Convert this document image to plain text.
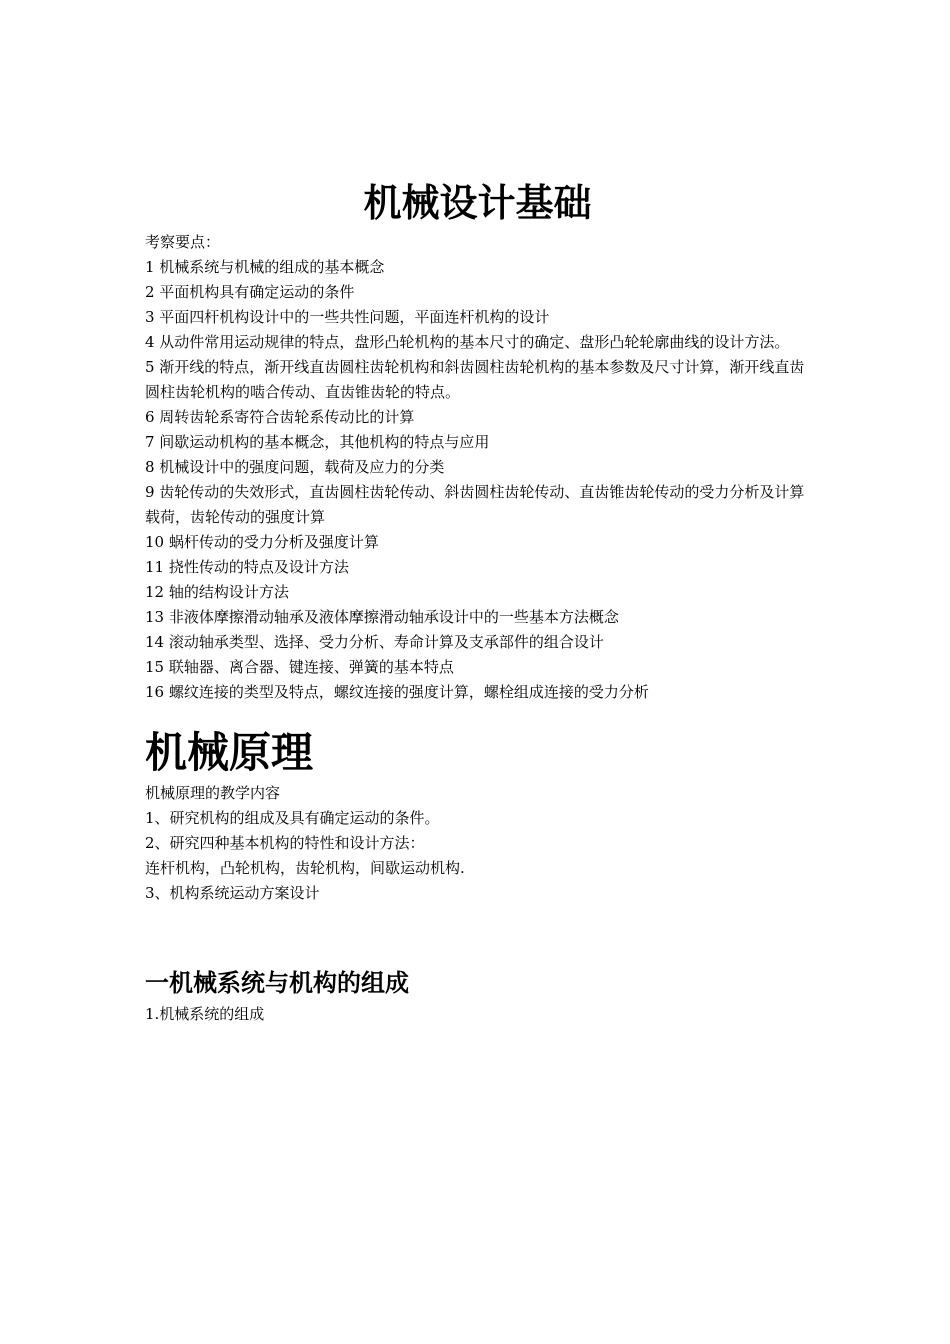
机械设计基础

考察要点：

1 机械系统与机械的组成的基本概念
2 平面机构具有确定运动的条件
3 平面四杆机构设计中的一些共性问题，平面连杆机构的设计
4 从动件常用运动规律的特点，盘形凸轮机构的基本尺寸的确定、盘形凸轮轮廓曲线的设计方法。
5 渐开线的特点，渐开线直齿圆柱齿轮机构和斜齿圆柱齿轮机构的基本参数及尺寸计算，渐开线直齿圆柱齿轮机构的啮合传动、直齿锥齿轮的特点。
6 周转齿轮系寄符合齿轮系传动比的计算
7 间歇运动机构的基本概念，其他机构的特点与应用
8 机械设计中的强度问题，载荷及应力的分类
9 齿轮传动的失效形式，直齿圆柱齿轮传动、斜齿圆柱齿轮传动、直齿锥齿轮传动的受力分析及计算载荷，齿轮传动的强度计算
10 蜗杆传动的受力分析及强度计算
11 挠性传动的特点及设计方法
12 轴的结构设计方法
13 非液体摩擦滑动轴承及液体摩擦滑动轴承设计中的一些基本方法概念
14 滚动轴承类型、选择、受力分析、寿命计算及支承部件的组合设计
15 联轴器、离合器、键连接、弹簧的基本特点
16 螺纹连接的类型及特点，螺纹连接的强度计算，螺栓组成连接的受力分析
机械原理

机械原理的教学内容

1、研究机构的组成及具有确定运动的条件。
2、研究四种基本机构的特性和设计方法：
连杆机构，凸轮机构，齿轮机构，间歇运动机构.
3、机构系统运动方案设计
一机械系统与机构的组成

1.机械系统的组成
